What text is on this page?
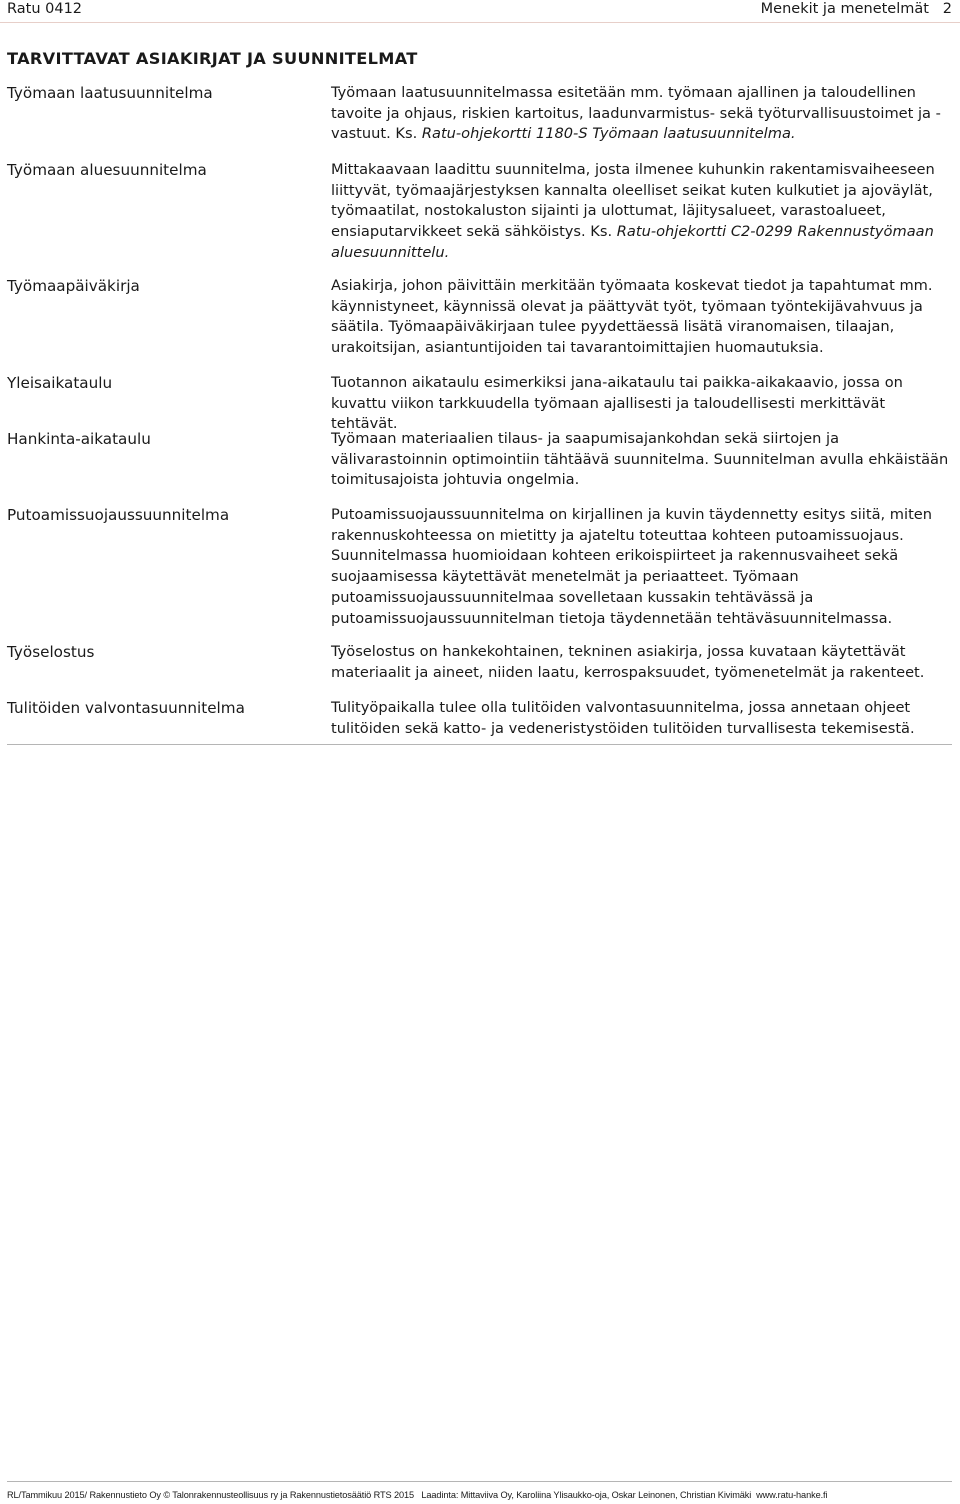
Ratu 0412	Menekit ja menetelmät   2
TARVITTAVAT ASIAKIRJAT JA SUUNNITELMAT
Työmaan laatusuunnitelma	Työmaan laatusuunnitelmassa esitetään mm. työmaan ajallinen ja taloudellinen tavoite ja ohjaus, riskien kartoitus, laadunvarmistus- sekä työturvallisuustoimet ja -vastuut. Ks. Ratu-ohjekortti 1180-S Työmaan laatusuunnitelma.
Työmaan aluesuunnitelma	Mittakaavaan laadittu suunnitelma, josta ilmenee kuhunkin rakentamisvaiheeseen liittyvät, työmaajärjestyksen kannalta oleelliset seikat kuten kulkutiet ja ajoväylät, työmaatilat, nostokaluston sijainti ja ulottumat, läjitysalueet, varastoalueet, ensiaputarvikkeet sekä sähköistys. Ks. Ratu-ohjekortti C2-0299 Rakennustyömaan aluesuunnittelu.
Työmaapäiväkirja	Asiakirja, johon päivittäin merkitään työmaata koskevat tiedot ja tapahtumat mm. käynnistyneet, käynnissä olevat ja päättyvät työt, työmaan työntekijävahvuus ja säätila. Työmaapäiväkirjaan tulee pyydettäessä lisätä viranomaisen, tilaajan, urakoitsijan, asiantuntijoiden tai tavarantoimittajien huomautuksia.
Yleisaikataulu	Tuotannon aikataulu esimerkiksi jana-aikataulu tai paikka-aikakaavio, jossa on kuvattu viikon tarkkuudella työmaan ajallisesti ja taloudellisesti merkittävät tehtävät.
Hankinta-aikataulu	Työmaan materiaalien tilaus- ja saapumisajankohdan sekä siirtojen ja välivarastoinnin optimointiin tähtäävä suunnitelma. Suunnitelman avulla ehkäistään toimitusajoista johtuvia ongelmia.
Putoamissuojaussuunnitelma	Putoamissuojaussuunnitelma on kirjallinen ja kuvin täydennetty esitys siitä, miten rakennuskohteessa on mietitty ja ajateltu toteuttaa kohteen putoamissuojaus. Suunnitelmassa huomioidaan kohteen erikoispiirteet ja rakennusvaiheet sekä suojaamisessa käytettävät menetelmät ja periaatteet. Työmaan putoamissuojaussuunnitelmaa sovelletaan kussakin tehtävässä ja putoamissuojaussuunnitelman tietoja täydennetään tehtäväsuunnitelmassa.
Työselostus	Työselostus on hankekohtainen, tekninen asiakirja, jossa kuvataan käytettävät materiaalit ja aineet, niiden laatu, kerrospaksuudet, työmenetelmät ja rakenteet.
Tulitöiden valvontasuunnitelma	Tulityöpaikalla tulee olla tulitöiden valvontasuunnitelma, jossa annetaan ohjeet tulitöiden sekä katto- ja vedeneristystöiden tulitöiden turvallisesta tekemisestä.
RL/Tammikuu 2015/ Rakennustieto Oy © Talonrakennusteollisuus ry ja Rakennustietosäätiö RTS 2015   Laadinta: Mittaviiva Oy, Karoliina Ylisaukko-oja, Oskar Leinonen, Christian Kivimäki  www.ratu-hanke.fi
